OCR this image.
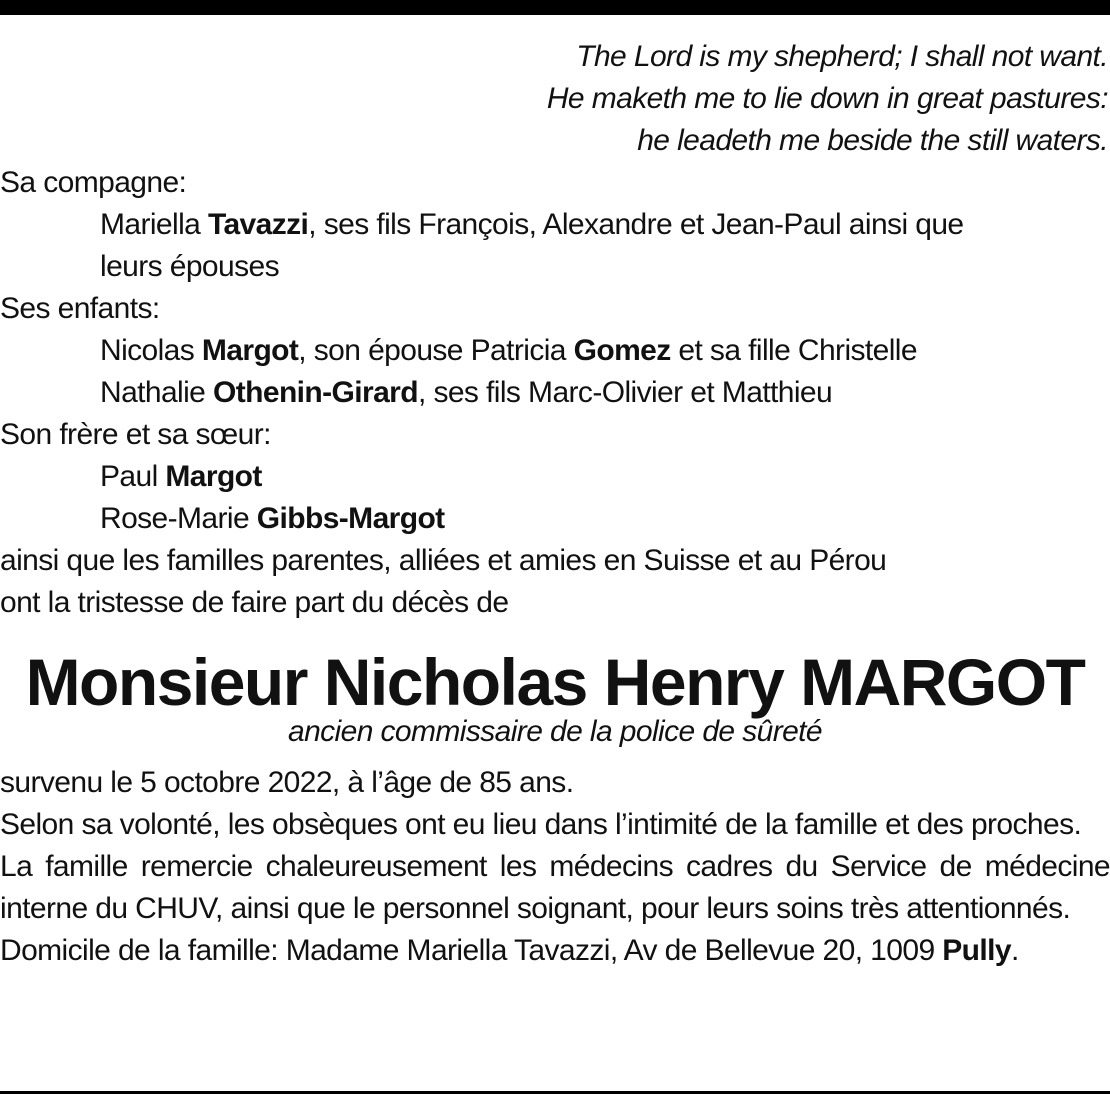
The Lord is my shepherd; I shall not want.
He maketh me to lie down in great pastures:
he leadeth me beside the still waters.
Sa compagne:
Mariella Tavazzi, ses fils François, Alexandre et Jean-Paul ainsi que
leurs épouses
Ses enfants:
Nicolas Margot, son épouse Patricia Gomez et sa fille Christelle
Nathalie Othenin-Girard, ses fils Marc-Olivier et Matthieu
Son frère et sa sœur:
Paul Margot
Rose-Marie Gibbs-Margot
ainsi que les familles parentes, alliées et amies en Suisse et au Pérou
ont la tristesse de faire part du décès de
Monsieur Nicholas Henry MARGOT
ancien commissaire de la police de sûreté
survenu le 5 octobre 2022, à l’âge de 85 ans.
Selon sa volonté, les obsèques ont eu lieu dans l’intimité de la famille et des proches.
La famille remercie chaleureusement les médecins cadres du Service de médecine interne du CHUV, ainsi que le personnel soignant, pour leurs soins très attentionnés.
Domicile de la famille: Madame Mariella Tavazzi, Av de Bellevue 20, 1009 Pully.
